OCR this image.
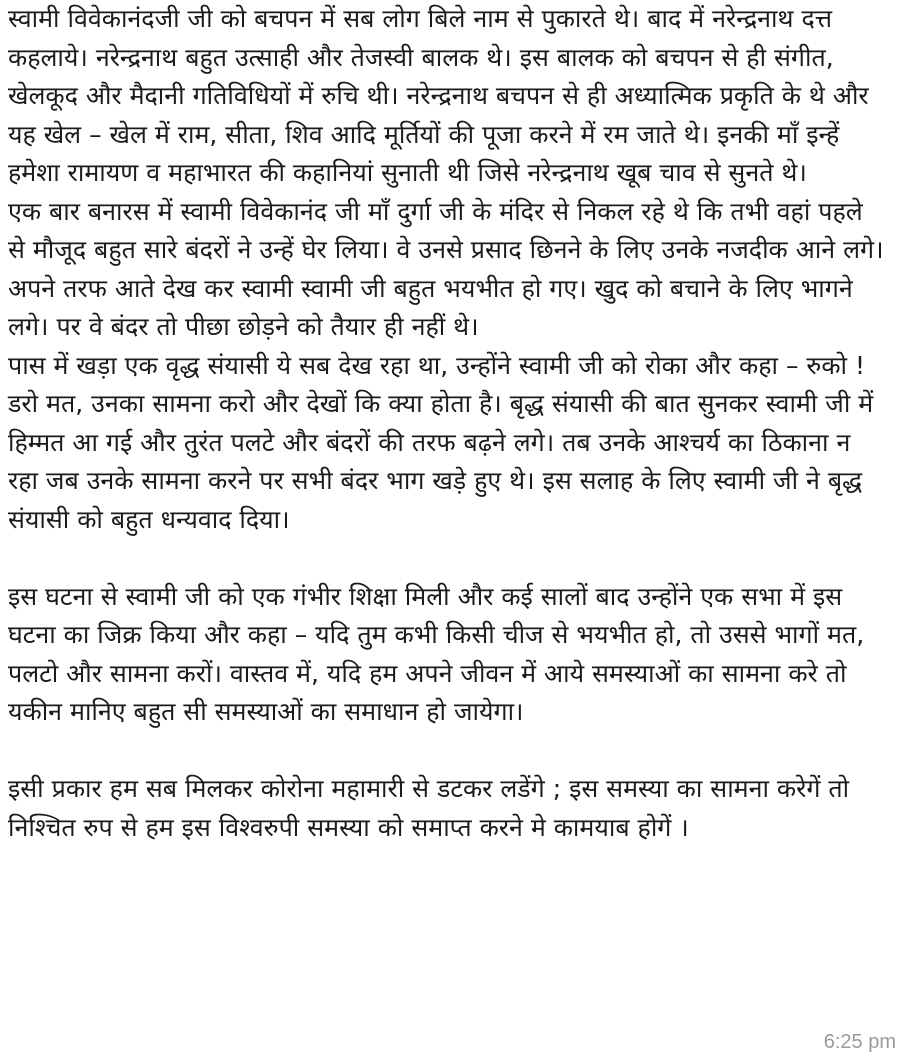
स्वामी विवेकानंदजी जी को बचपन में सब लोग बिले नाम से पुकारते थे। बाद में नरेन्द्रनाथ दत्त कहलाये। नरेन्द्रनाथ बहुत उत्साही और तेजस्वी बालक थे। इस बालक को बचपन से ही संगीत, खेलकूद और मैदानी गतिविधियों में रुचि थी। नरेन्द्रनाथ बचपन से ही अध्यात्मिक प्रकृति के थे और यह खेल – खेल में राम, सीता, शिव आदि मूर्तियों की पूजा करने में रम जाते थे। इनकी माँ इन्हें हमेशा रामायण व महाभारत की कहानियां सुनाती थी जिसे नरेन्द्रनाथ खूब चाव से सुनते थे।
एक बार बनारस में स्वामी विवेकानंद जी माँ दुर्गा जी के मंदिर से निकल रहे थे कि तभी वहां पहले से मौजूद बहुत सारे बंदरों ने उन्हें घेर लिया। वे उनसे प्रसाद छिनने के लिए उनके नजदीक आने लगे। अपने तरफ आते देख कर स्वामी स्वामी जी बहुत भयभीत हो गए। खुद को बचाने के लिए भागने लगे। पर वे बंदर तो पीछा छोड़ने को तैयार ही नहीं थे।
पास में खड़ा एक वृद्ध संयासी ये सब देख रहा था, उन्होंने स्वामी जी को रोका और कहा – रुको ! डरो मत, उनका सामना करो और देखों कि क्या होता है। बृद्ध संयासी की बात सुनकर स्वामी जी में हिम्मत आ गई और तुरंत पलटे और बंदरों की तरफ बढ़ने लगे। तब उनके आश्चर्य का ठिकाना न रहा जब उनके सामना करने पर सभी बंदर भाग खड़े हुए थे। इस सलाह के लिए स्वामी जी ने बृद्ध संयासी को बहुत धन्यवाद दिया।
इस घटना से स्वामी जी को एक गंभीर शिक्षा मिली और कई सालों बाद उन्होंने एक सभा में इस घटना का जिक्र किया और कहा – यदि तुम कभी किसी चीज से भयभीत हो, तो उससे भागों मत, पलटो और सामना करों। वास्तव में, यदि हम अपने जीवन में आये समस्याओं का सामना करे तो यकीन मानिए बहुत सी समस्याओं का समाधान हो जायेगा।
इसी प्रकार हम सब मिलकर कोरोना महामारी से डटकर लडेंगे ; इस समस्या का सामना करेगें तो निश्चित रुप से हम इस विश्वरुपी समस्या को समाप्त करने मे कामयाब होगें ।
6:25 pm
